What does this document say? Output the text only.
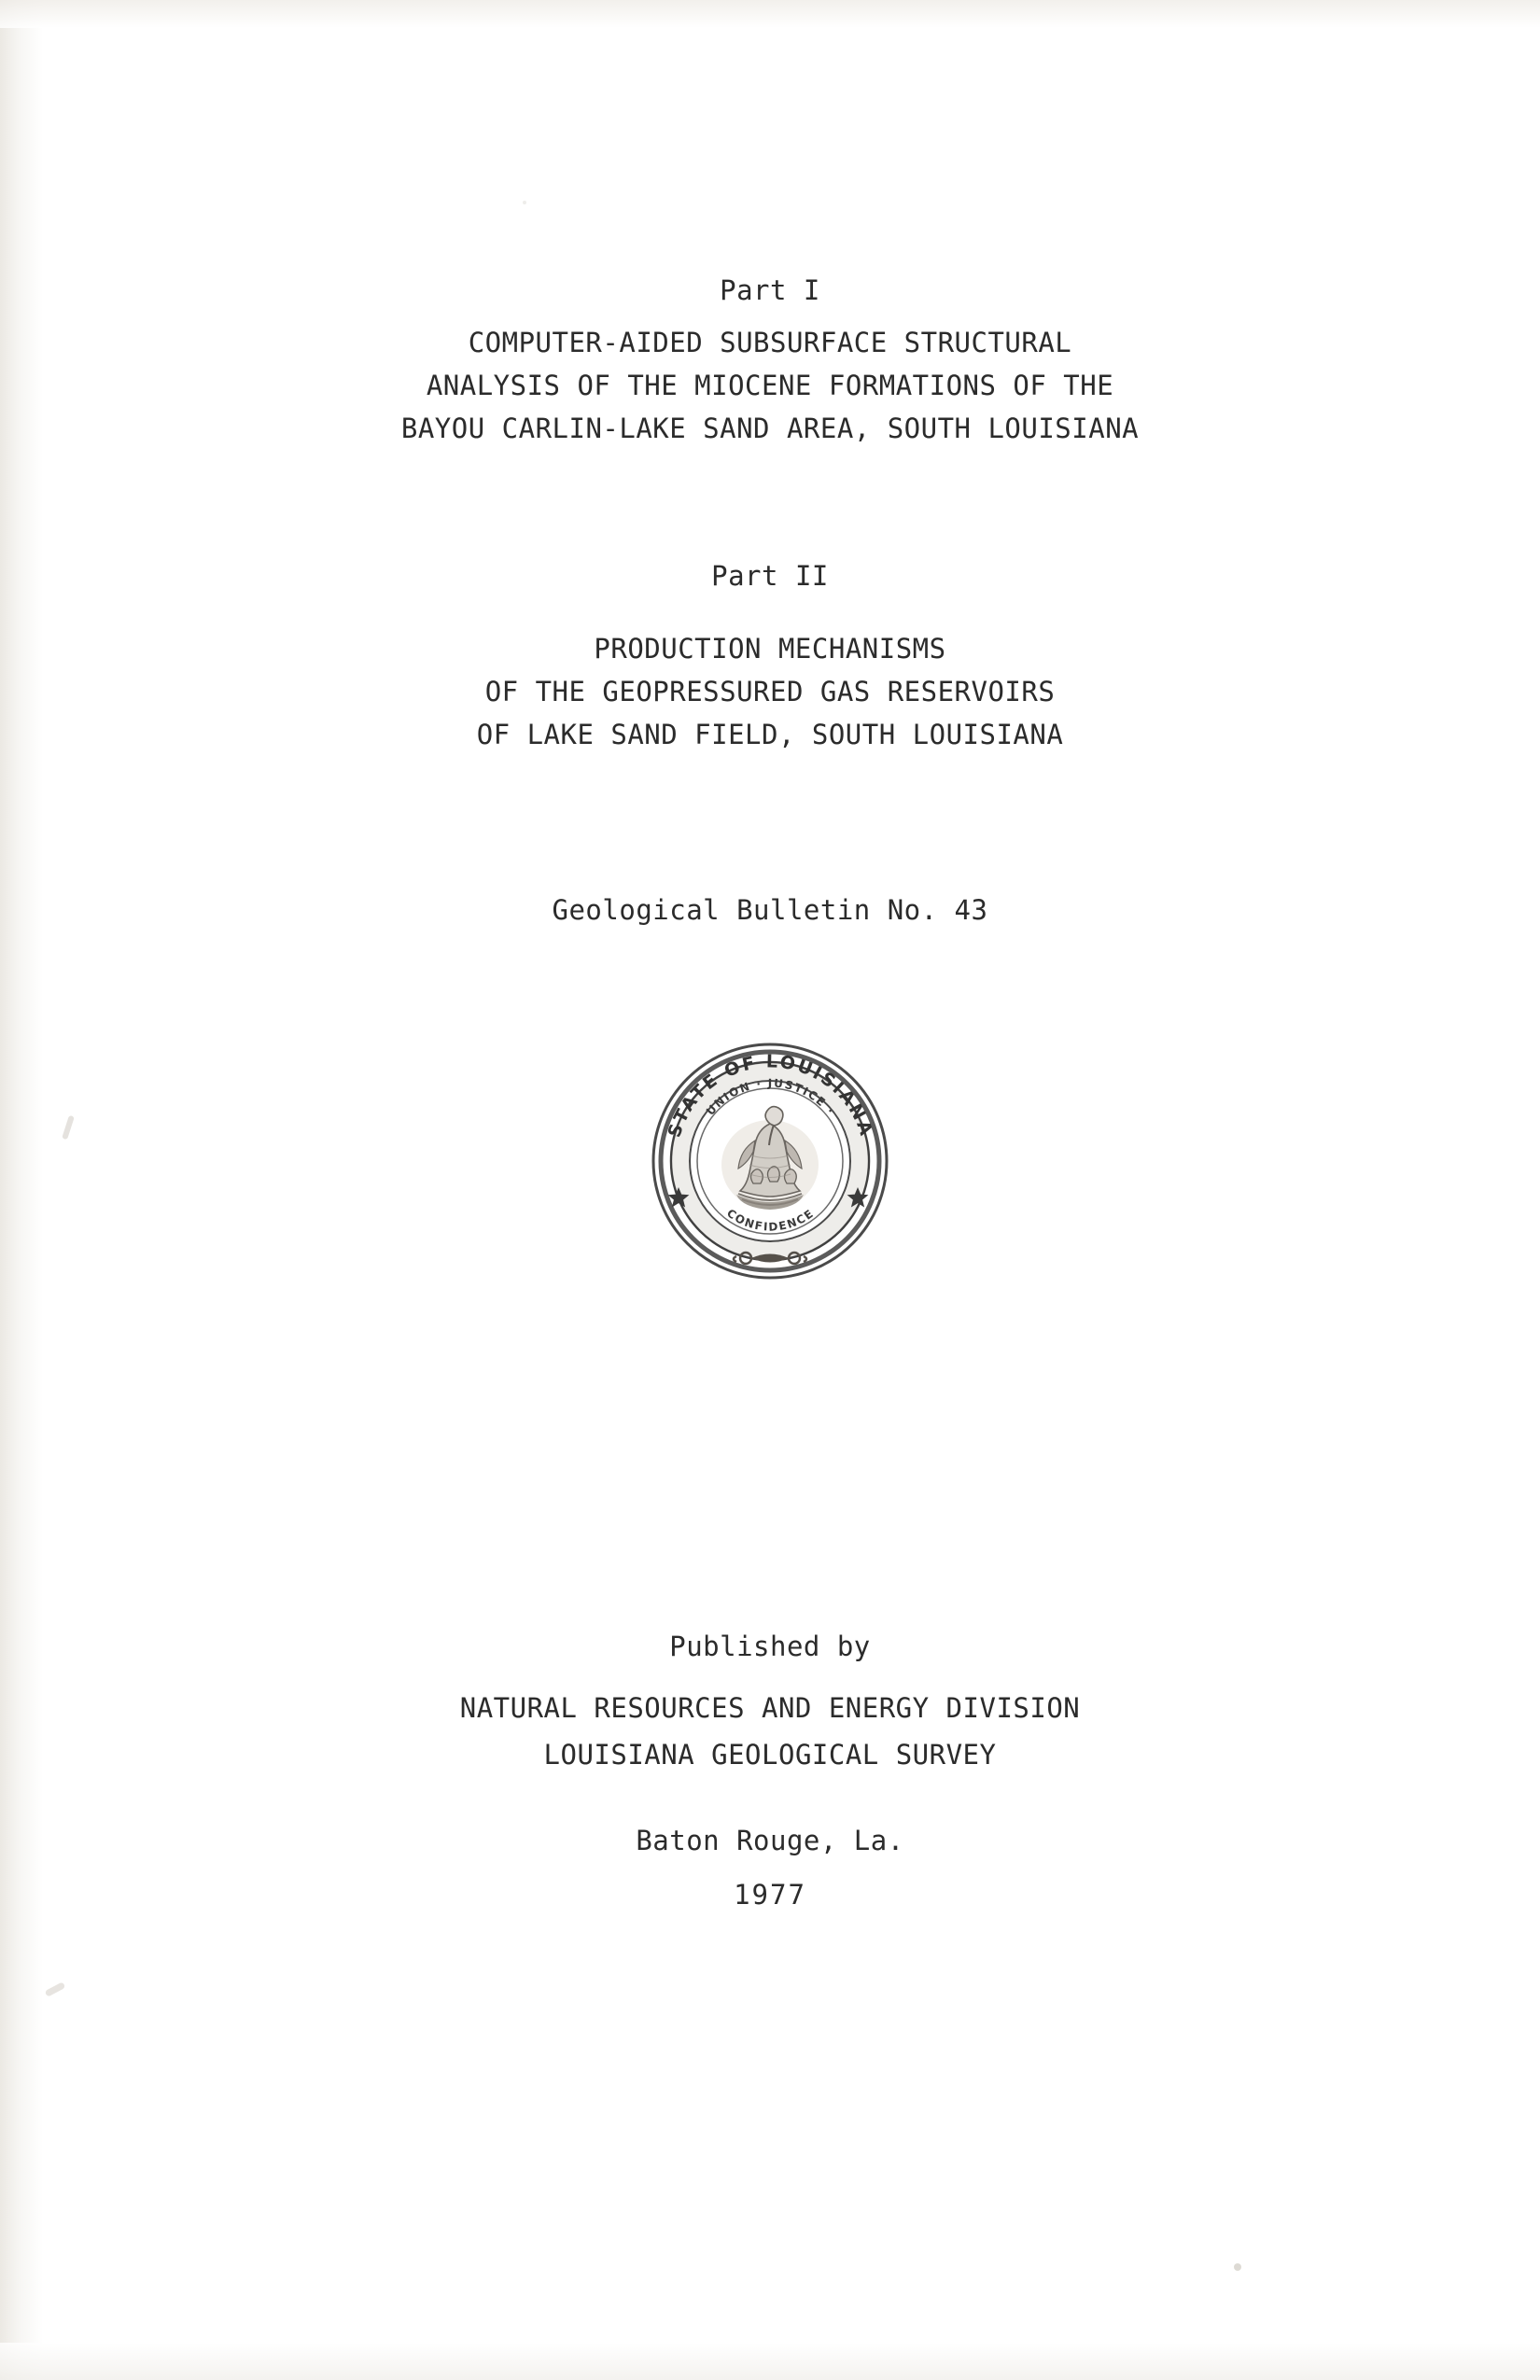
Part I
COMPUTER-AIDED SUBSURFACE STRUCTURAL
ANALYSIS OF THE MIOCENE FORMATIONS OF THE
BAYOU CARLIN-LAKE SAND AREA, SOUTH LOUISIANA
Part II
PRODUCTION MECHANISMS
OF THE GEOPRESSURED GAS RESERVOIRS
OF LAKE SAND FIELD, SOUTH LOUISIANA
Geological Bulletin No. 43
STATE OF LOUISIANA
UNION · JUSTICE ·
CONFIDENCE
Published by
NATURAL RESOURCES AND ENERGY DIVISION
LOUISIANA GEOLOGICAL SURVEY
Baton Rouge, La.
1977
